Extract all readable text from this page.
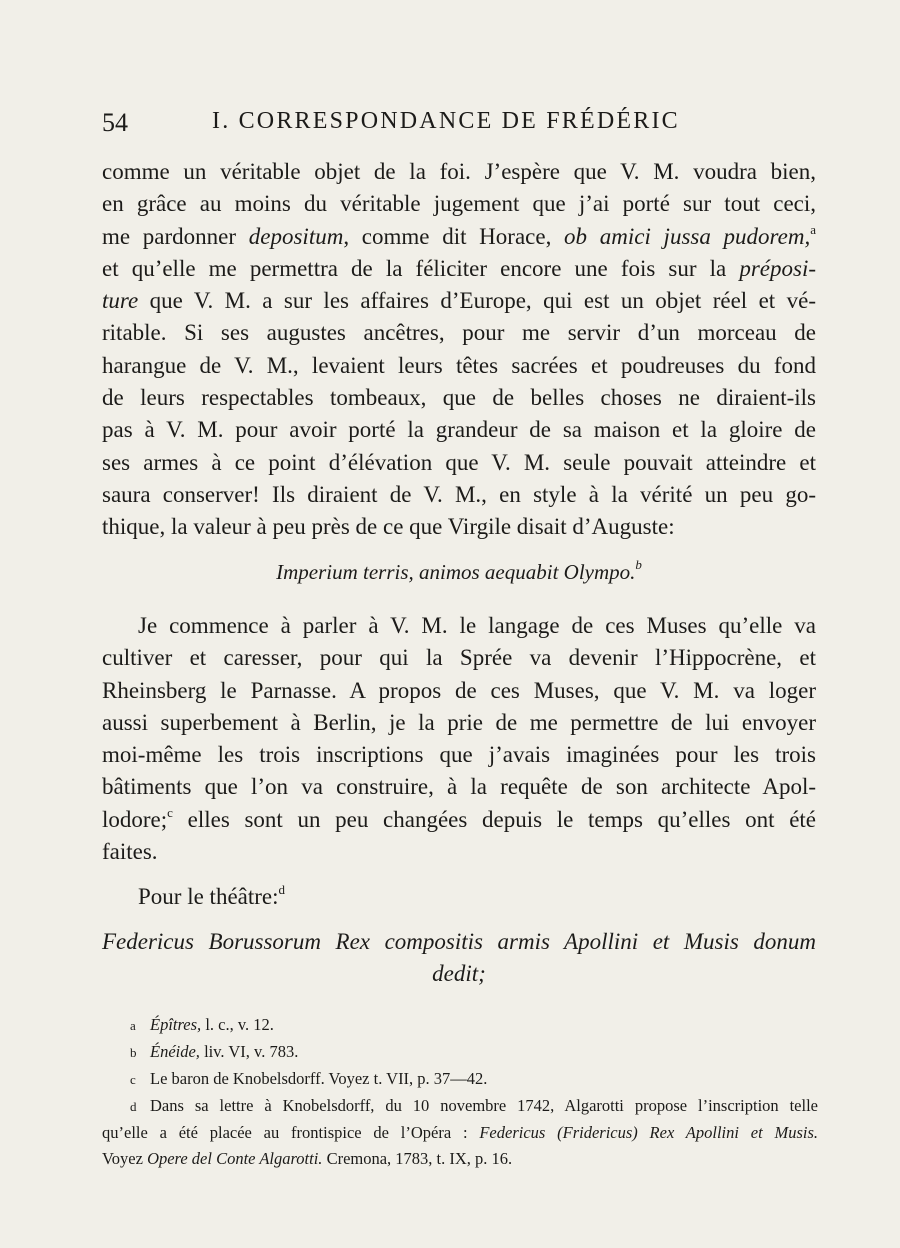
54	I. CORRESPONDANCE DE FRÉDÉRIC
comme un véritable objet de la foi. J’espère que V. M. voudra bien,
en grâce au moins du véritable jugement que j’ai porté sur tout ceci,
me pardonner depositum, comme dit Horace, ob amici jussa pudorem,$^a$
et qu’elle me permettra de la féliciter encore une fois sur la préposi-
ture que V. M. a sur les affaires d’Europe, qui est un objet réel et vé-
ritable. Si ses augustes ancêtres, pour me servir d’un morceau de
harangue de V. M., levaient leurs têtes sacrées et poudreuses du fond
de leurs respectables tombeaux, que de belles choses ne diraient-ils
pas à V. M. pour avoir porté la grandeur de sa maison et la gloire de
ses armes à ce point d’élévation que V. M. seule pouvait atteindre et
saura conserver! Ils diraient de V. M., en style à la vérité un peu go-
thique, la valeur à peu près de ce que Virgile disait d’Auguste:
Imperium terris, animos aequabit Olympo.$^b$
Je commence à parler à V. M. le langage de ces Muses qu’elle va
cultiver et caresser, pour qui la Sprée va devenir l’Hippocrène, et
Rheinsberg le Parnasse. A propos de ces Muses, que V. M. va loger
aussi superbement à Berlin, je la prie de me permettre de lui envoyer
moi-même les trois inscriptions que j’avais imaginées pour les trois
bâtiments que l’on va construire, à la requête de son architecte Apol-
lodore;$^c$ elles sont un peu changées depuis le temps qu’elles ont été
faites.
Pour le théâtre:$^d$
Federicus Borussorum Rex compositis armis Apollini et Musis donum
dedit;
a Épîtres, l. c., v. 12.
b Énéide, liv. VI, v. 783.
c Le baron de Knobelsdorff. Voyez t. VII, p. 37—42.
d Dans sa lettre à Knobelsdorff, du 10 novembre 1742, Algarotti propose l’inscription telle
qu’elle a été placée au frontispice de l’Opéra : Federicus (Fridericus) Rex Apollini et Musis.
Voyez Opere del Conte Algarotti. Cremona, 1783, t. IX, p. 16.
